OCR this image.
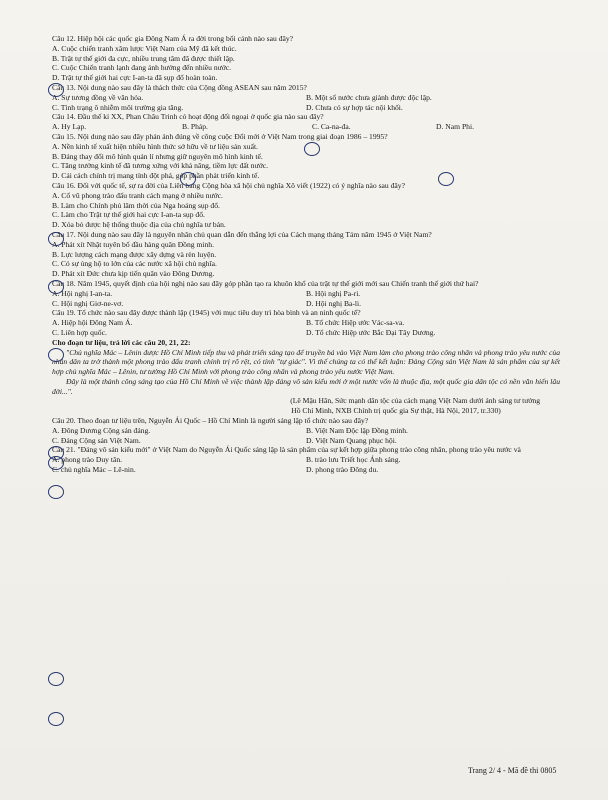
Câu 12. Hiệp hội các quốc gia Đông Nam Á ra đời trong bối cảnh nào sau đây?

A. Cuộc chiến tranh xâm lược Việt Nam của Mỹ đã kết thúc.

B. Trật tự thế giới đa cực, nhiều trung tâm đã được thiết lập.

C. Cuộc Chiến tranh lạnh đang ảnh hưởng đến nhiều nước.

D. Trật tự thế giới hai cực I-an-ta đã sụp đổ hoàn toàn.

Câu 13. Nội dung nào sau đây là thách thức của Cộng đồng ASEAN sau năm 2015?

A. Sự tương đồng về văn hóa.	B. Một số nước chưa giành được độc lập.
C. Tình trạng ô nhiễm môi trường gia tăng.	D. Chưa có sự hợp tác nội khối.

Câu 14. Đầu thế kỉ XX, Phan Châu Trinh có hoạt động đối ngoại ở quốc gia nào sau đây?

A. Hy Lạp.	B. Pháp.	C. Ca-na-đa.	D. Nam Phi.

Câu 15. Nội dung nào sau đây phản ánh đúng về công cuộc Đổi mới ở Việt Nam trong giai đoạn 1986 – 1995?

A. Nền kinh tế xuất hiện nhiều hình thức sở hữu về tư liệu sản xuất.

B. Đáng thay đổi mô hình quản lí nhưng giữ nguyên mô hình kinh tế.

C. Tăng trưởng kinh tế đã tương xứng với khả năng, tiềm lực đất nước.

D. Cải cách chính trị mang tính đột phá, góp phần phát triển kinh tế.

Câu 16. Đối với quốc tế, sự ra đời của Liên bang Cộng hòa xã hội chủ nghĩa Xô viết (1922) có ý nghĩa nào sau đây?

A. Cổ vũ phong trào đấu tranh cách mạng ở nhiều nước.

B. Làm cho Chính phủ lâm thời của Nga hoảng sụp đổ.

C. Làm cho Trật tự thế giới hai cực I-an-ta sụp đổ.

D. Xóa bỏ được hệ thống thuộc địa của chủ nghĩa tư bản.

Câu 17. Nội dung nào sau đây là nguyên nhân chủ quan dẫn đến thắng lợi của Cách mạng tháng Tám năm 1945 ở Việt Nam?

A. Phát xít Nhật tuyên bố đầu hàng quân Đồng minh.

B. Lực lượng cách mạng được xây dựng và rèn luyện.

C. Có sự ủng hộ to lớn của các nước xã hội chủ nghĩa.

D. Phát xít Đức chưa kịp tiến quân vào Đông Dương.

Câu 18. Năm 1945, quyết định của hội nghị nào sau đây góp phần tạo ra khuôn khổ của trật tự thế giới mới sau Chiến tranh thế giới thứ hai?

A. Hội nghị I-an-ta.	B. Hội nghị Pa-ri.
C. Hội nghị Giơ-ne-vơ.	D. Hội nghị Ba-li.

Câu 19. Tổ chức nào sau đây được thành lập (1945) với mục tiêu duy trì hòa bình và an ninh quốc tế?

A. Hiệp hội Đông Nam Á.	B. Tổ chức Hiệp ước Vác-sa-va.
C. Liên hợp quốc.	D. Tổ chức Hiệp ước Bắc Đại Tây Dương.

Cho đoạn tư liệu, trả lời các câu 20, 21, 22:

"Chủ nghĩa Mác – Lênin được Hồ Chí Minh tiếp thu và phát triển sáng tạo để truyền bá vào Việt Nam làm cho phong trào công nhân và phong trào yêu nước của nhân dân ta trở thành một phong trào đấu tranh chính trị rõ rệt, có tính "tự giác". Vì thế chúng ta có thể kết luận: Đảng Cộng sản Việt Nam là sản phẩm của sự kết hợp chủ nghĩa Mác – Lênin, tư tưởng Hồ Chí Minh với phong trào công nhân và phong trào yêu nước Việt Nam.

Đây là một thành công sáng tạo của Hồ Chí Minh về việc thành lập đảng vô sản kiểu mới ở một nước vốn là thuộc địa, một quốc gia dân tộc có nền văn hiến lâu đời...".

(Lê Mậu Hãn, Sức mạnh dân tộc của cách mạng Việt Nam dưới ánh sáng tư tưởng

Hồ Chí Minh, NXB Chính trị quốc gia Sự thật, Hà Nội, 2017, tr.330)

Câu 20. Theo đoạn tư liệu trên, Nguyễn Ái Quốc – Hồ Chí Minh là người sáng lập tổ chức nào sau đây?

A. Đông Dương Cộng sản đảng.	B. Việt Nam Độc lập Đồng minh.
C. Đảng Cộng sản Việt Nam.	D. Việt Nam Quang phục hội.

Câu 21. "Đảng vô sản kiểu mới" ở Việt Nam do Nguyễn Ái Quốc sáng lập là sản phẩm của sự kết hợp giữa phong trào công nhân, phong trào yêu nước và

A. phong trào Duy tân.	B. trào lưu Triết học Ánh sáng.
C. chủ nghĩa Mác – Lê-nin.	D. phong trào Đông du.
Trang 2/ 4 - Mã đề thi 0805
